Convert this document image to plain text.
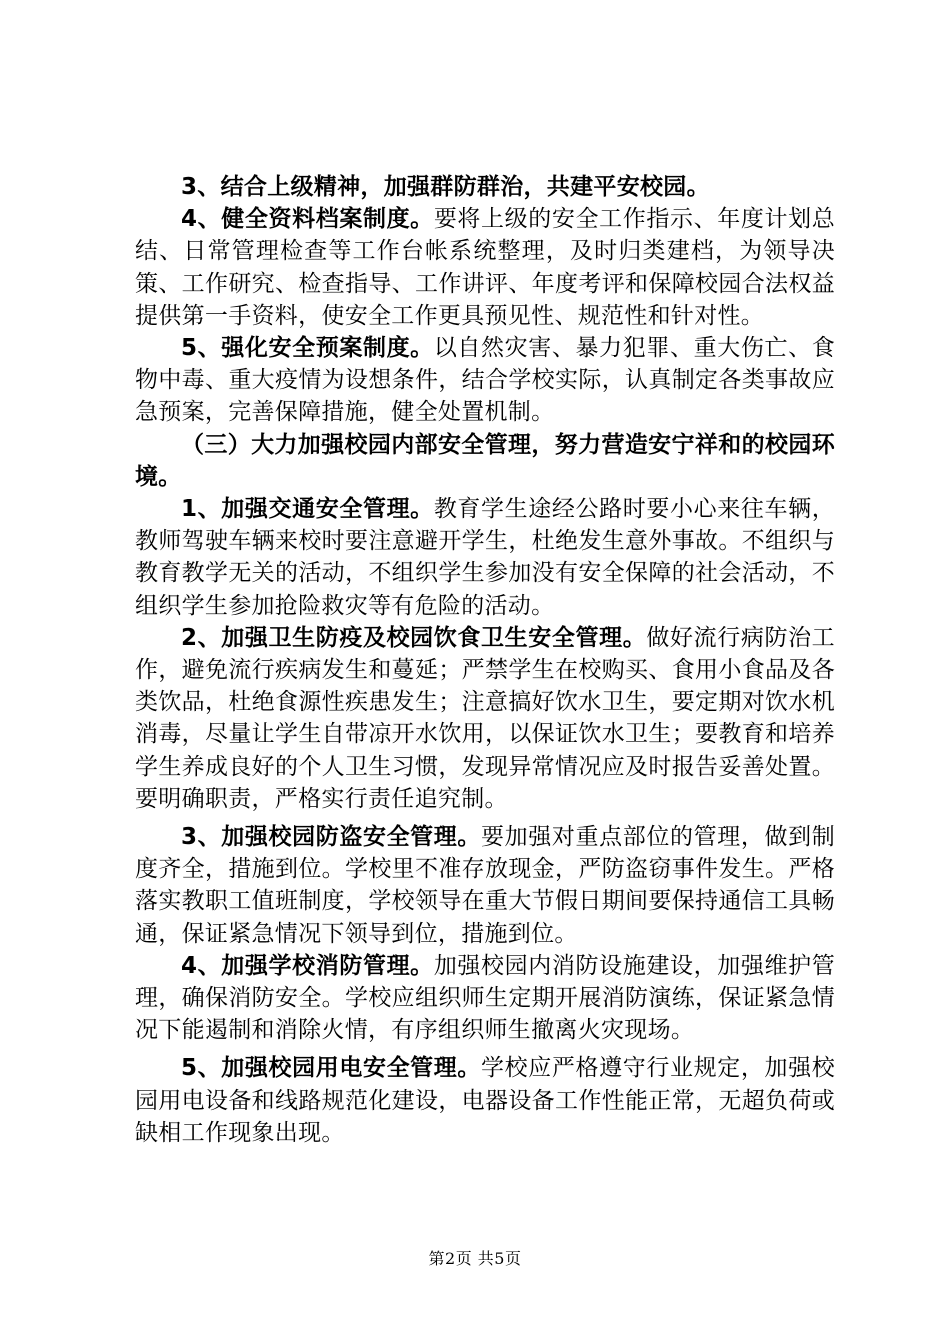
3、结合上级精神，加强群防群治，共建平安校园。

4、健全资料档案制度。要将上级的安全工作指示、年度计划总结、日常管理检查等工作台帐系统整理，及时归类建档，为领导决策、工作研究、检查指导、工作讲评、年度考评和保障校园合法权益提供第一手资料，使安全工作更具预见性、规范性和针对性。

5、强化安全预案制度。以自然灾害、暴力犯罪、重大伤亡、食物中毒、重大疫情为设想条件，结合学校实际，认真制定各类事故应急预案，完善保障措施，健全处置机制。

（三）大力加强校园内部安全管理，努力营造安宁祥和的校园环境。

1、加强交通安全管理。教育学生途经公路时要小心来往车辆，教师驾驶车辆来校时要注意避开学生，杜绝发生意外事故。不组织与教育教学无关的活动，不组织学生参加没有安全保障的社会活动，不组织学生参加抢险救灾等有危险的活动。

2、加强卫生防疫及校园饮食卫生安全管理。做好流行病防治工作，避免流行疾病发生和蔓延；严禁学生在校购买、食用小食品及各类饮品，杜绝食源性疾患发生；注意搞好饮水卫生，要定期对饮水机消毒，尽量让学生自带凉开水饮用，以保证饮水卫生；要教育和培养学生养成良好的个人卫生习惯，发现异常情况应及时报告妥善处置。要明确职责，严格实行责任追究制。

3、加强校园防盗安全管理。要加强对重点部位的管理，做到制度齐全，措施到位。学校里不准存放现金，严防盗窃事件发生。严格落实教职工值班制度，学校领导在重大节假日期间要保持通信工具畅通，保证紧急情况下领导到位，措施到位。

4、加强学校消防管理。加强校园内消防设施建设，加强维护管理，确保消防安全。学校应组织师生定期开展消防演练，保证紧急情况下能遏制和消除火情，有序组织师生撤离火灾现场。

5、加强校园用电安全管理。学校应严格遵守行业规定，加强校园用电设备和线路规范化建设，电器设备工作性能正常，无超负荷或缺相工作现象出现。

第2页 共5页
